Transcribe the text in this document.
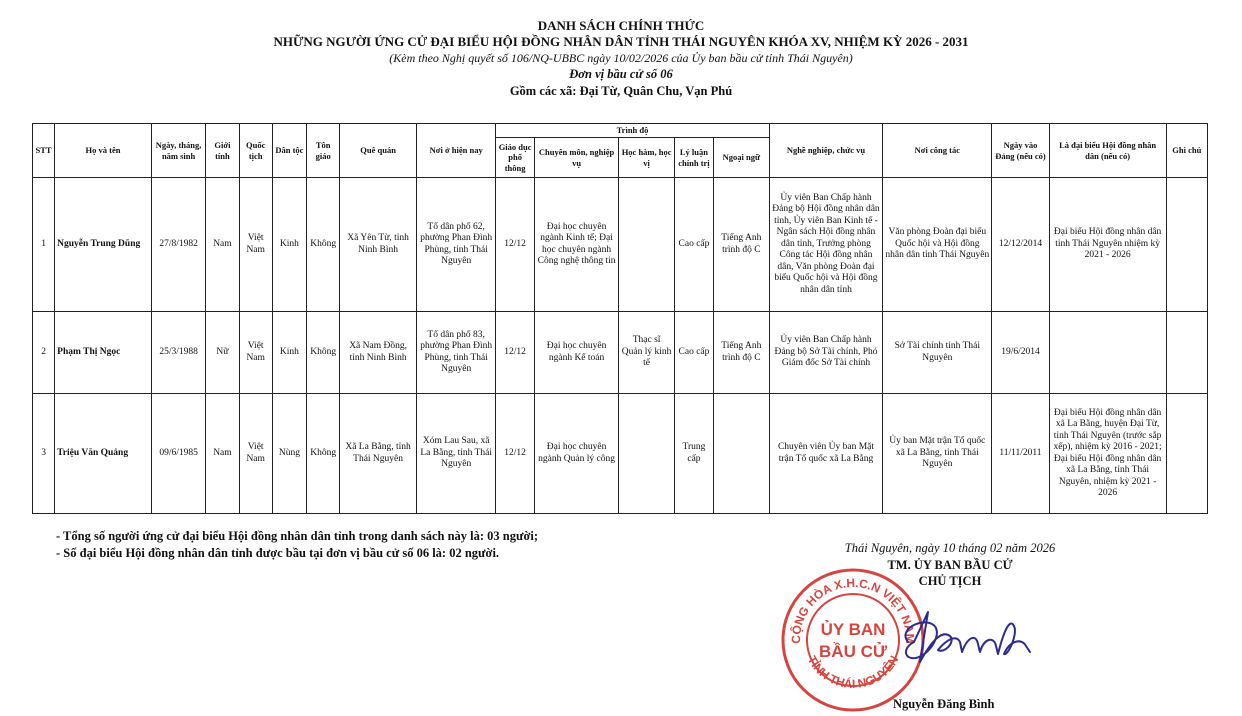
DANH SÁCH CHÍNH THỨC
NHỮNG NGƯỜI ỨNG CỬ ĐẠI BIỂU HỘI ĐỒNG NHÂN DÂN TỈNH THÁI NGUYÊN KHÓA XV, NHIỆM KỲ 2026 - 2031
(Kèm theo Nghị quyết số 106/NQ-UBBC ngày 10/02/2026 của Ủy ban bầu cử tỉnh Thái Nguyên)
Đơn vị bầu cử số 06
Gồm các xã: Đại Từ, Quân Chu, Vạn Phú
STT	Họ và tên	Ngày, tháng, năm sinh	Giới tính	Quốc tịch	Dân tộc	Tôn giáo	Quê quán	Nơi ở hiện nay	Trình độ					Nghề nghiệp, chức vụ	Nơi công tác	Ngày vào Đảng (nếu có)	Là đại biểu Hội đồng nhân dân (nếu có)	Ghi chú
									Giáo dục phổ thông	Chuyên môn, nghiệp vụ	Học hàm, học vị	Lý luận chính trị	Ngoại ngữ					
1	Nguyễn Trung Dũng	27/8/1982	Nam	Việt Nam	Kinh	Không	Xã Yên Từ, tỉnh Ninh Bình	Tổ dân phố 62, phường Phan Đình Phùng, tỉnh Thái Nguyên	12/12	Đại học chuyên ngành Kinh tế; Đại học chuyên ngành Công nghệ thông tin		Cao cấp	Tiếng Anh trình độ C	Ủy viên Ban Chấp hành Đảng bộ Hội đồng nhân dân tỉnh, Ủy viên Ban Kinh tế - Ngân sách Hội đồng nhân dân tỉnh, Trưởng phòng Công tác Hội đồng nhân dân, Văn phòng Đoàn đại biểu Quốc hội và Hội đồng nhân dân tỉnh	Văn phòng Đoàn đại biểu Quốc hội và Hội đồng nhân dân tỉnh Thái Nguyên	12/12/2014	Đại biểu Hội đồng nhân dân tỉnh Thái Nguyên nhiệm kỳ 2021 - 2026	
2	Phạm Thị Ngọc	25/3/1988	Nữ	Việt Nam	Kinh	Không	Xã Nam Đồng, tỉnh Ninh Bình	Tổ dân phố 83, phường Phan Đình Phùng, tỉnh Thái Nguyên	12/12	Đại học chuyên ngành Kế toán	Thạc sĩ Quản lý kinh tế	Cao cấp	Tiếng Anh trình độ C	Ủy viên Ban Chấp hành Đảng bộ Sở Tài chính, Phó Giám đốc Sở Tài chính	Sở Tài chính tỉnh Thái Nguyên	19/6/2014		
3	Triệu Văn Quảng	09/6/1985	Nam	Việt Nam	Nùng	Không	Xã La Bằng, tỉnh Thái Nguyên	Xóm Lau Sau, xã La Bằng, tỉnh Thái Nguyên	12/12	Đại học chuyên ngành Quản lý công		Trung cấp		Chuyên viên Ủy ban Mặt trận Tổ quốc xã La Bằng	Ủy ban Mặt trận Tổ quốc xã La Bằng, tỉnh Thái Nguyên	11/11/2011	Đại biểu Hội đồng nhân dân xã La Bằng, huyện Đại Từ, tỉnh Thái Nguyên (trước sắp xếp), nhiệm kỳ 2016 - 2021; Đại biểu Hội đồng nhân dân xã La Bằng, tỉnh Thái Nguyên, nhiệm kỳ 2021 - 2026	
- Tổng số người ứng cử đại biểu Hội đồng nhân dân tỉnh trong danh sách này là: 03 người;
- Số đại biểu Hội đồng nhân dân tỉnh được bầu tại đơn vị bầu cử số 06 là: 02 người.	Thái Nguyên, ngày 10 tháng 02 năm 2026
TM. ỦY BAN BẦU CỬ
CHỦ TỊCH
CỘNG HÒA X.H.C.N VIỆT NAM
TỈNH THÁI NGUYÊN
ỦY BAN
BẦU CỬ
Nguyễn Đăng Bình
